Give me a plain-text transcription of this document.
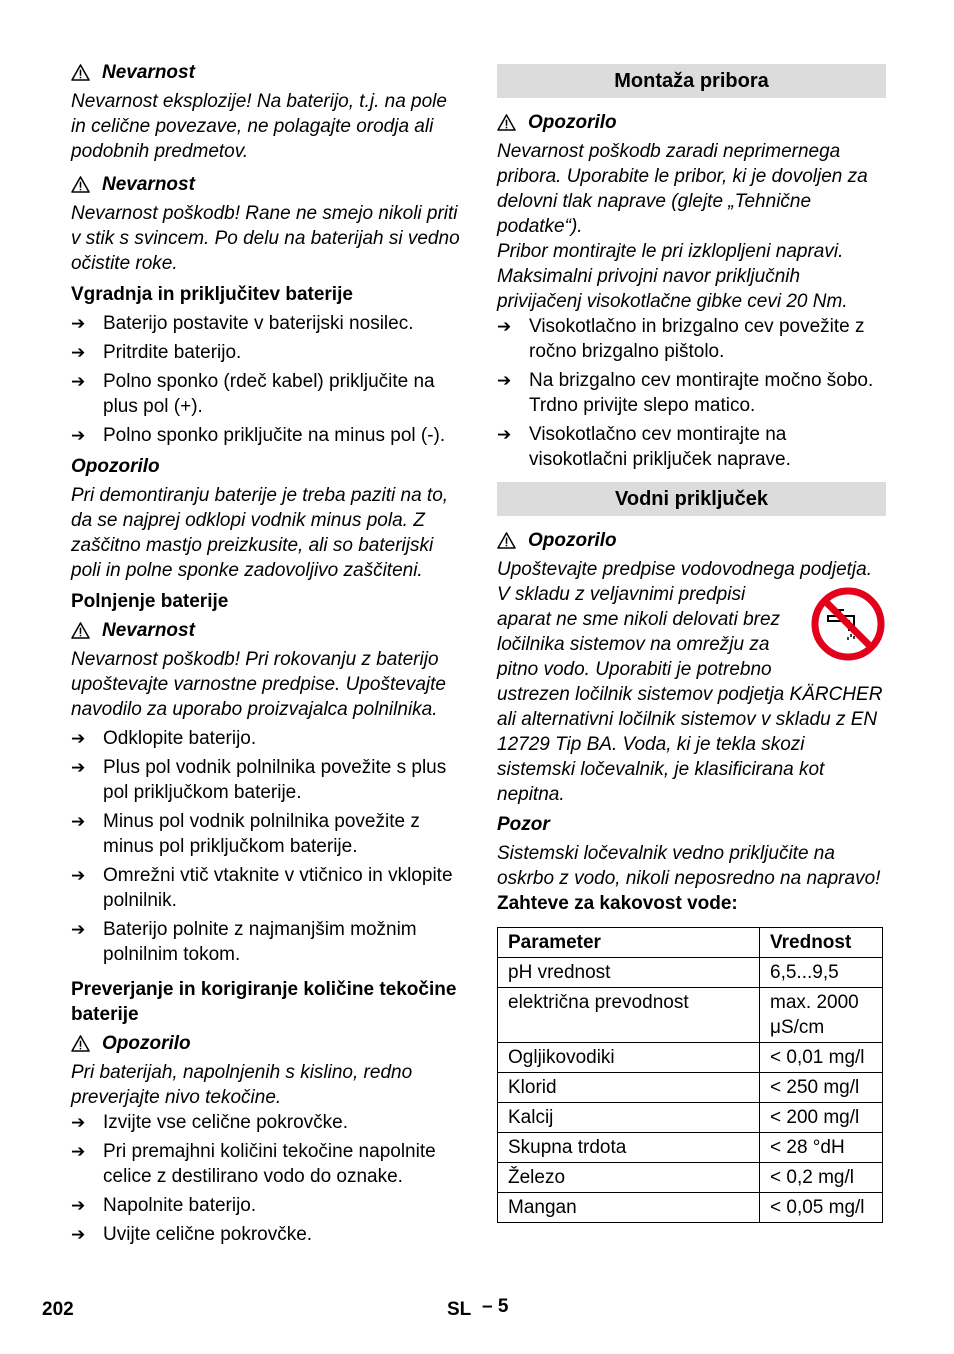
Nevarnost

Nevarnost eksplozije! Na baterijo, t.j. na pole in celične povezave, ne polagajte orodja ali podobnih predmetov.

Nevarnost

Nevarnost poškodb! Rane ne smejo nikoli priti v stik s svincem. Po delu na baterijah si vedno očistite roke.

Vgradnja in priključitev baterije

➔ Baterijo postavite v baterijski nosilec.
➔ Pritrdite baterijo.
➔ Polno sponko (rdeč kabel) priključite na plus pol (+).
➔ Polno sponko priključite na minus pol (-).

Opozorilo

Pri demontiranju baterije je treba paziti na to, da se najprej odklopi vodnik minus pola. Z zaščitno mastjo preizkusite, ali so baterijski poli in polne sponke zadovoljivo zaščiteni.

Polnjenje baterije

Nevarnost

Nevarnost poškodb! Pri rokovanju z baterijo upoštevajte varnostne predpise. Upoštevajte navodilo za uporabo proizvajalca polnilnika.

➔ Odklopite baterijo.
➔ Plus pol vodnik polnilnika povežite s plus pol priključkom baterije.
➔ Minus pol vodnik polnilnika povežite z minus pol priključkom baterije.
➔ Omrežni vtič vtaknite v vtičnico in vklopite polnilnik.
➔ Baterijo polnite z najmanjšim možnim polnilnim tokom.

Preverjanje in korigiranje količine tekočine baterije

Opozorilo

Pri baterijah, napolnjenih s kislino, redno preverjajte nivo tekočine.

➔ Izvijte vse celične pokrovčke.
➔ Pri premajhni količini tekočine napolnite celice z destilirano vodo do oznake.
➔ Napolnite baterijo.
➔ Uvijte celične pokrovčke.
Montaža pribora
Opozorilo

Nevarnost poškodb zaradi neprimernega pribora. Uporabite le pribor, ki je dovoljen za delovni tlak naprave (glejte „Tehnične podatke“).

Pribor montirajte le pri izklopljeni napravi.

Maksimalni privojni navor priključnih privijačenj visokotlačne gibke cevi 20 Nm.

➔ Visokotlačno in brizgalno cev povežite z ročno brizgalno pištolo.
➔ Na brizgalno cev montirajte močno šobo. Trdno privijte slepo matico.
➔ Visokotlačno cev montirajte na visokotlačni priključek naprave.
Vodni priključek
Opozorilo

Upoštevajte predpise vodovodnega podjetja.

V skladu z veljavnimi predpisi aparat ne sme nikoli delovati brez ločilnika sistemov na omrežju za pitno vodo. Uporabiti je potrebno ustrezen ločilnik sistemov podjetja KÄRCHER ali alternativni ločilnik sistemov v skladu z EN 12729 Tip BA. Voda, ki je tekla skozi sistemski ločevalnik, je klasificirana kot nepitna.

Pozor

Sistemski ločevalnik vedno priključite na oskrbo z vodo, nikoli neposredno na napravo!

Zahteve za kakovost vode:

Parameter	Vrednost
pH vrednost	6,5...9,5
električna prevodnost	max. 2000 μS/cm
Ogljikovodiki	< 0,01 mg/l
Klorid	< 250 mg/l
Kalcij	< 200 mg/l
Skupna trdota	< 28 °dH
Železo	< 0,2 mg/l
Mangan	< 0,05 mg/l
202	SL – 5
